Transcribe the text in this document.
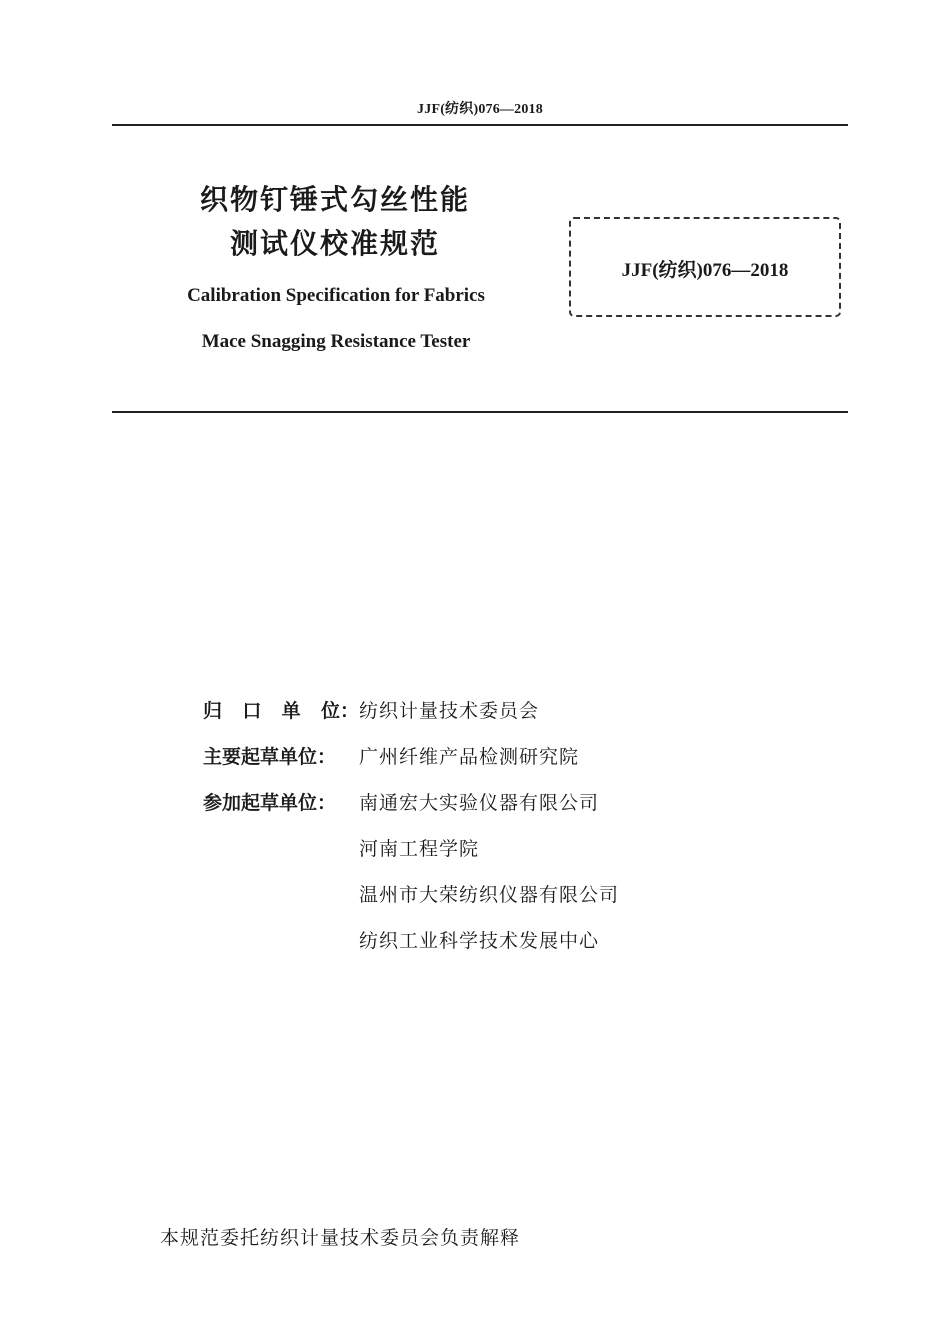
JJF(纺织)076—2018
织物钉锤式勾丝性能
测试仪校准规范
Calibration Specification for Fabrics
Mace Snagging Resistance Tester
JJF(纺织)076—2018
归 口 单 位： 纺织计量技术委员会
主要起草单位：	广州纤维产品检测研究院
参加起草单位：	南通宏大实验仪器有限公司
河南工程学院
温州市大荣纺织仪器有限公司
纺织工业科学技术发展中心
本规范委托纺织计量技术委员会负责解释
